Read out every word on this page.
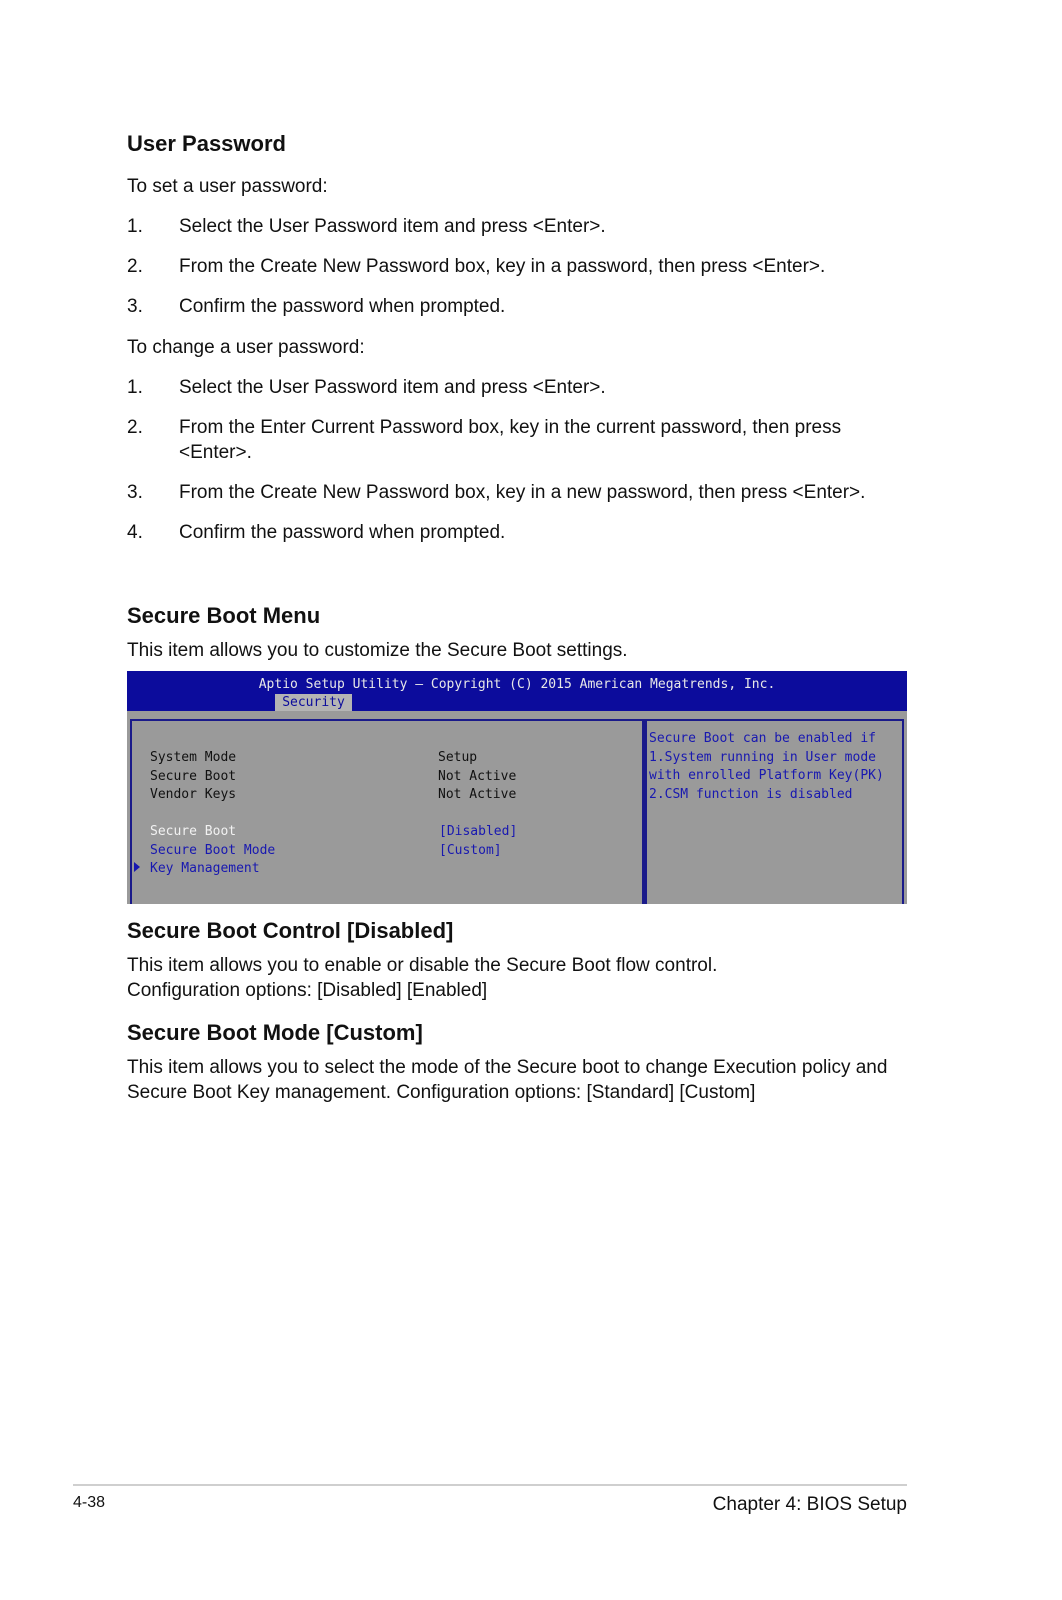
User Password
To set a user password:
1. Select the User Password item and press <Enter>.
2. From the Create New Password box, key in a password, then press <Enter>.
3. Confirm the password when prompted.
To change a user password:
1. Select the User Password item and press <Enter>.
2. From the Enter Current Password box, key in the current password, then press
<Enter>.
3. From the Create New Password box, key in a new password, then press <Enter>.
4. Confirm the password when prompted.
Secure Boot Menu
This item allows you to customize the Secure Boot settings.
Aptio Setup Utility – Copyright (C) 2015 American Megatrends, Inc.
Security
System Mode	Setup
Secure Boot	Not Active
Vendor Keys	Not Active
Secure Boot	[Disabled]
Secure Boot Mode	[Custom]
Key Management
Secure Boot can be enabled if
1.System running in User mode
with enrolled Platform Key(PK)
2.CSM function is disabled
Secure Boot Control [Disabled]
This item allows you to enable or disable the Secure Boot flow control.
Configuration options: [Disabled] [Enabled]
Secure Boot Mode [Custom]
This item allows you to select the mode of the Secure boot to change Execution policy and
Secure Boot Key management. Configuration options: [Standard] [Custom]
4-38	Chapter 4: BIOS Setup
